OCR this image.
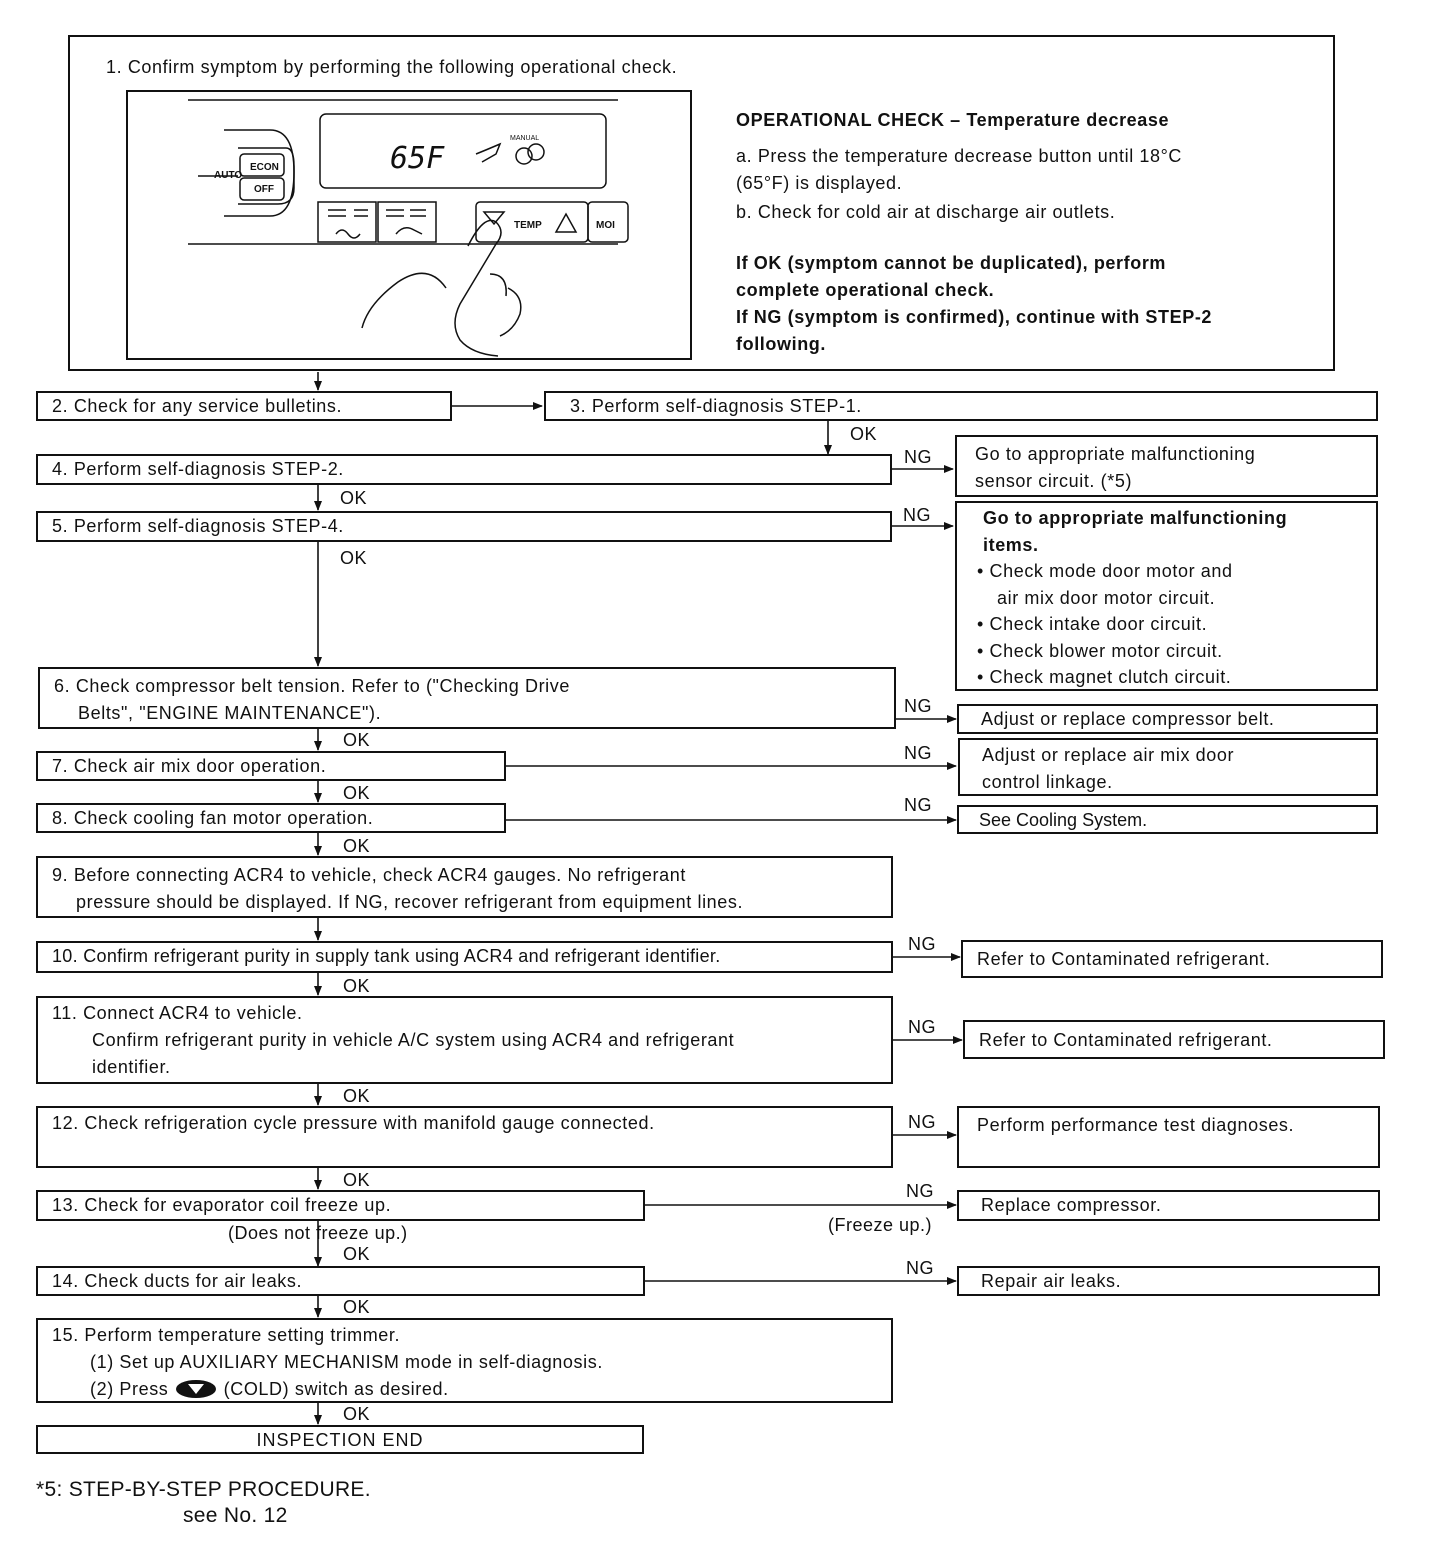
1. Confirm symptom by performing the following operational check.
AUTO
ECON
OFF
65F
MANUAL
TEMP	MOI
OPERATIONAL CHECK – Temperature decrease
a. Press the temperature decrease button until 18°C
(65°F) is displayed.
b. Check for cold air at discharge air outlets.
If OK (symptom cannot be duplicated), perform
complete operational check.
If NG (symptom is confirmed), continue with STEP-2
following.
2. Check for any service bulletins.	3. Perform self-diagnosis STEP-1.
OK
4. Perform self-diagnosis STEP-2.
NG Go to appropriate malfunctioning
sensor circuit. (*5)
OK
5. Perform self-diagnosis STEP-4.
NG	Go to appropriate malfunctioning
items.
• Check mode door motor and
air mix door motor circuit.
• Check intake door circuit.
• Check blower motor circuit.
• Check magnet clutch circuit.
OK
6. Check compressor belt tension. Refer to ("Checking Drive
Belts", "ENGINE MAINTENANCE").	NG
Adjust or replace compressor belt.
OK
7. Check air mix door operation.
NG	Adjust or replace air mix door
control linkage.
OK
8. Check cooling fan motor operation.
NG
See Cooling System.
OK
9. Before connecting ACR4 to vehicle, check ACR4 gauges. No refrigerant
pressure should be displayed. If NG, recover refrigerant from equipment lines.
10. Confirm refrigerant purity in supply tank using ACR4 and refrigerant identifier.
NG
Refer to Contaminated refrigerant.
OK
11. Connect ACR4 to vehicle.
Confirm refrigerant purity in vehicle A/C system using ACR4 and refrigerant
identifier.
NG
Refer to Contaminated refrigerant.
OK
12. Check refrigeration cycle pressure with manifold gauge connected.	NG Perform performance test diagnoses.
OK
13. Check for evaporator coil freeze up.
NG
Replace compressor.
(Freeze up.)
(Does not freeze up.)
OK
14. Check ducts for air leaks.
NG
Repair air leaks.
OK
15. Perform temperature setting trimmer.
(1) Set up AUXILIARY MECHANISM mode in self-diagnosis.
(2) Press	(COLD) switch as desired.
OK
INSPECTION END
*5: STEP-BY-STEP PROCEDURE.
see No. 12
